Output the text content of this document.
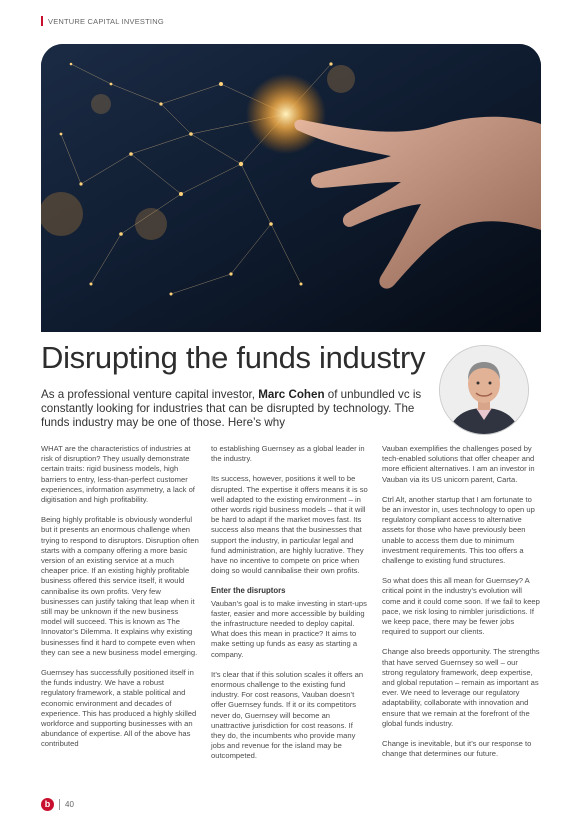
VENTURE CAPITAL INVESTING
Disrupting the funds industry

As a professional venture capital investor, Marc Cohen of unbundled vc is constantly looking for industries that can be disrupted by technology. The funds industry may be one of those. Here’s why

WHAT are the characteristics of industries at risk of disruption? They usually demonstrate certain traits: rigid business models, high barriers to entry, less-than-perfect customer experiences, information asymmetry, a lack of digitisation and high profitability.

Being highly profitable is obviously wonderful but it presents an enormous challenge when trying to respond to disruptors. Disruption often starts with a company offering a more basic version of an existing service at a much cheaper price. If an existing highly profitable business offered this service itself, it would cannibalise its own profits. Very few businesses can justify taking that leap when it still may be unknown if the new business model will succeed. This is known as The Innovator’s Dilemma. It explains why existing businesses find it hard to compete even when they can see a new business model emerging.

Guernsey has successfully positioned itself in the funds industry. We have a robust regulatory framework, a stable political and economic environment and decades of experience. This has produced a highly skilled workforce and supporting businesses with an abundance of expertise. All of the above has contributed

to establishing Guernsey as a global leader in the industry.

Its success, however, positions it well to be disrupted. The expertise it offers means it is so well adapted to the existing environment – in other words rigid business models – that it will be hard to adapt if the market moves fast. Its success also means that the businesses that support the industry, in particular legal and fund administration, are highly lucrative. They have no incentive to compete on price when doing so would cannibalise their own profits.

Enter the disruptors

Vauban’s goal is to make investing in start-ups faster, easier and more accessible by building the infrastructure needed to deploy capital. What does this mean in practice? It aims to make setting up funds as easy as starting a company.

It’s clear that if this solution scales it offers an enormous challenge to the existing fund industry. For cost reasons, Vauban doesn’t offer Guernsey funds. If it or its competitors never do, Guernsey will become an unattractive jurisdiction for cost reasons. If they do, the incumbents who provide many jobs and revenue for the island may be outcompeted.

Vauban exemplifies the challenges posed by tech-enabled solutions that offer cheaper and more efficient alternatives. I am an investor in Vauban via its US unicorn parent, Carta.

Ctrl Alt, another startup that I am fortunate to be an investor in, uses technology to open up regulatory compliant access to alternative assets for those who have previously been unable to access them due to minimum investment requirements. This too offers a challenge to existing fund structures.

So what does this all mean for Guernsey? A critical point in the industry’s evolution will come and it could come soon. If we fail to keep pace, we risk losing to nimbler jurisdictions. If we keep pace, there may be fewer jobs required to support our clients.

Change also breeds opportunity. The strengths that have served Guernsey so well – our strong regulatory framework, deep expertise, and global reputation – remain as important as ever. We need to leverage our regulatory adaptability, collaborate with innovation and ensure that we remain at the forefront of the global funds industry.

Change is inevitable, but it’s our response to change that determines our future.

b	40
